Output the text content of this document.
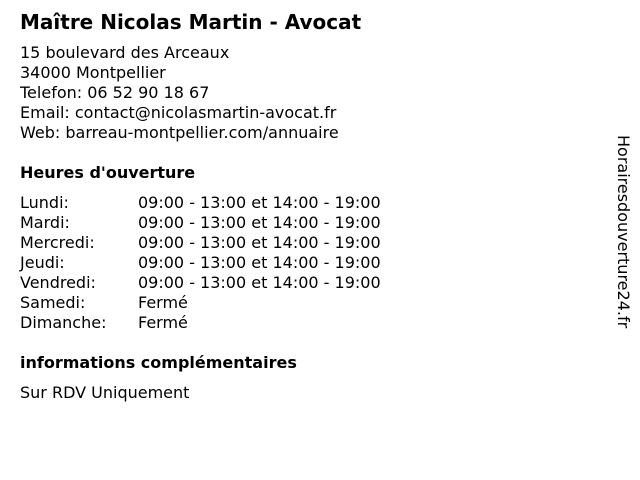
Maître Nicolas Martin - Avocat
15 boulevard des Arceaux
34000 Montpellier
Telefon: 06 52 90 18 67
Email: contact@nicolasmartin-avocat.fr
Web: barreau-montpellier.com/annuaire
Heures d'ouverture
Lundi:	09:00 - 13:00 et 14:00 - 19:00
Mardi:	09:00 - 13:00 et 14:00 - 19:00
Mercredi:	09:00 - 13:00 et 14:00 - 19:00
Jeudi:	09:00 - 13:00 et 14:00 - 19:00
Vendredi:	09:00 - 13:00 et 14:00 - 19:00
Samedi:	Fermé
Dimanche: Fermé
informations complémentaires
Sur RDV Uniquement
Horairesdouverture24.fr
